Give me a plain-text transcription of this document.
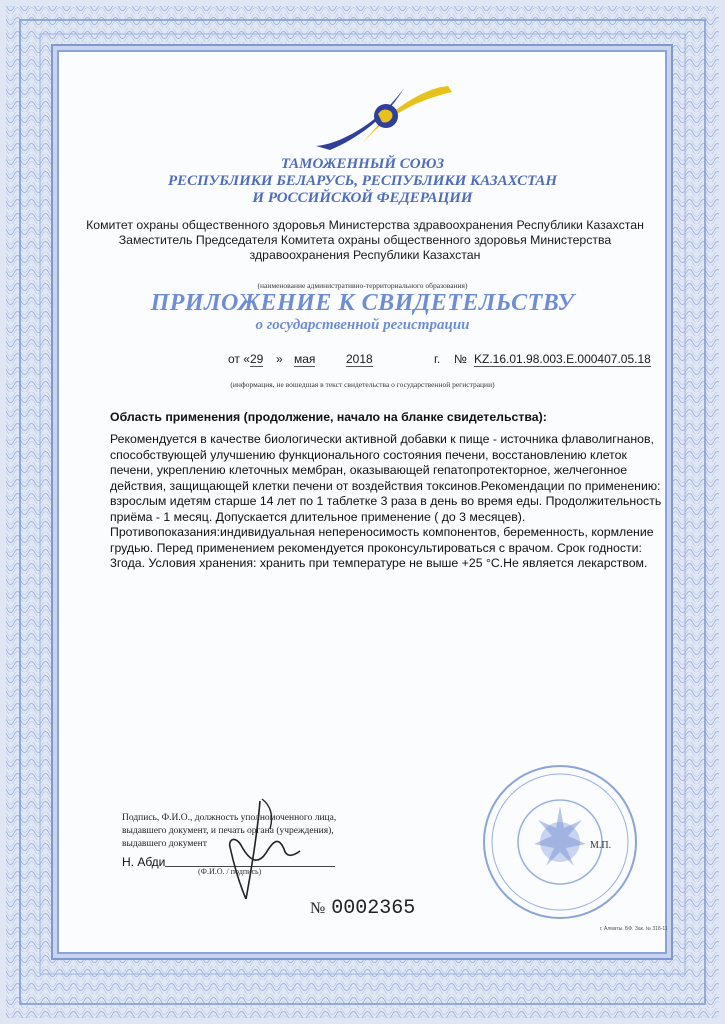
ТАМОЖЕННЫЙ СОЮЗ
РЕСПУБЛИКИ БЕЛАРУСЬ, РЕСПУБЛИКИ КАЗАХСТАН
И РОССИЙСКОЙ ФЕДЕРАЦИИ
Комитет охраны общественного здоровья Министерства здравоохранения Республики Казахстан
Заместитель Председателя Комитета охраны общественного здоровья Министерства
здравоохранения Республики Казахстан
(наименование административно-территориального образования)
ПРИЛОЖЕНИЕ К СВИДЕТЕЛЬСТВУ
о государственной регистрации
от « 29 » мая	2018	г. № KZ.16.01.98.003.E.000407.05.18
(информация, не вошедшая в текст свидетельства о государственной регистрации)
Область применения (продолжение, начало на бланке свидетельства):
Рекомендуется в качестве биологически активной добавки к пище - источника флаволигнанов, способствующей улучшению функционального состояния печени, восстановлению клеток печени, укреплению клеточных мембран, оказывающей гепатопротекторное, желчегонное действия, защищающей клетки печени от воздействия токсинов.Рекомендации по применению: взрослым идетям старше 14 лет по 1 таблетке 3 раза в день во время еды. Продолжительность приёма - 1 месяц. Допускается длительное применение ( до 3 месяцев). Противопоказания:индивидуальная непереносимость компонентов, беременность, кормление грудью. Перед применением рекомендуется проконсультироваться с врачом. Срок годности: 3года. Условия хранения: хранить при температуре не выше +25 °С.Не является лекарством.
М.П.
Подпись, Ф.И.О., должность уполномоченного лица,
выдавшего документ, и печать органа (учреждения),
выдавшего документ
Н. Абди
(Ф.И.О. / подпись)
№ 0002365
г. Алматы. БФ. Зак. № 318-11
